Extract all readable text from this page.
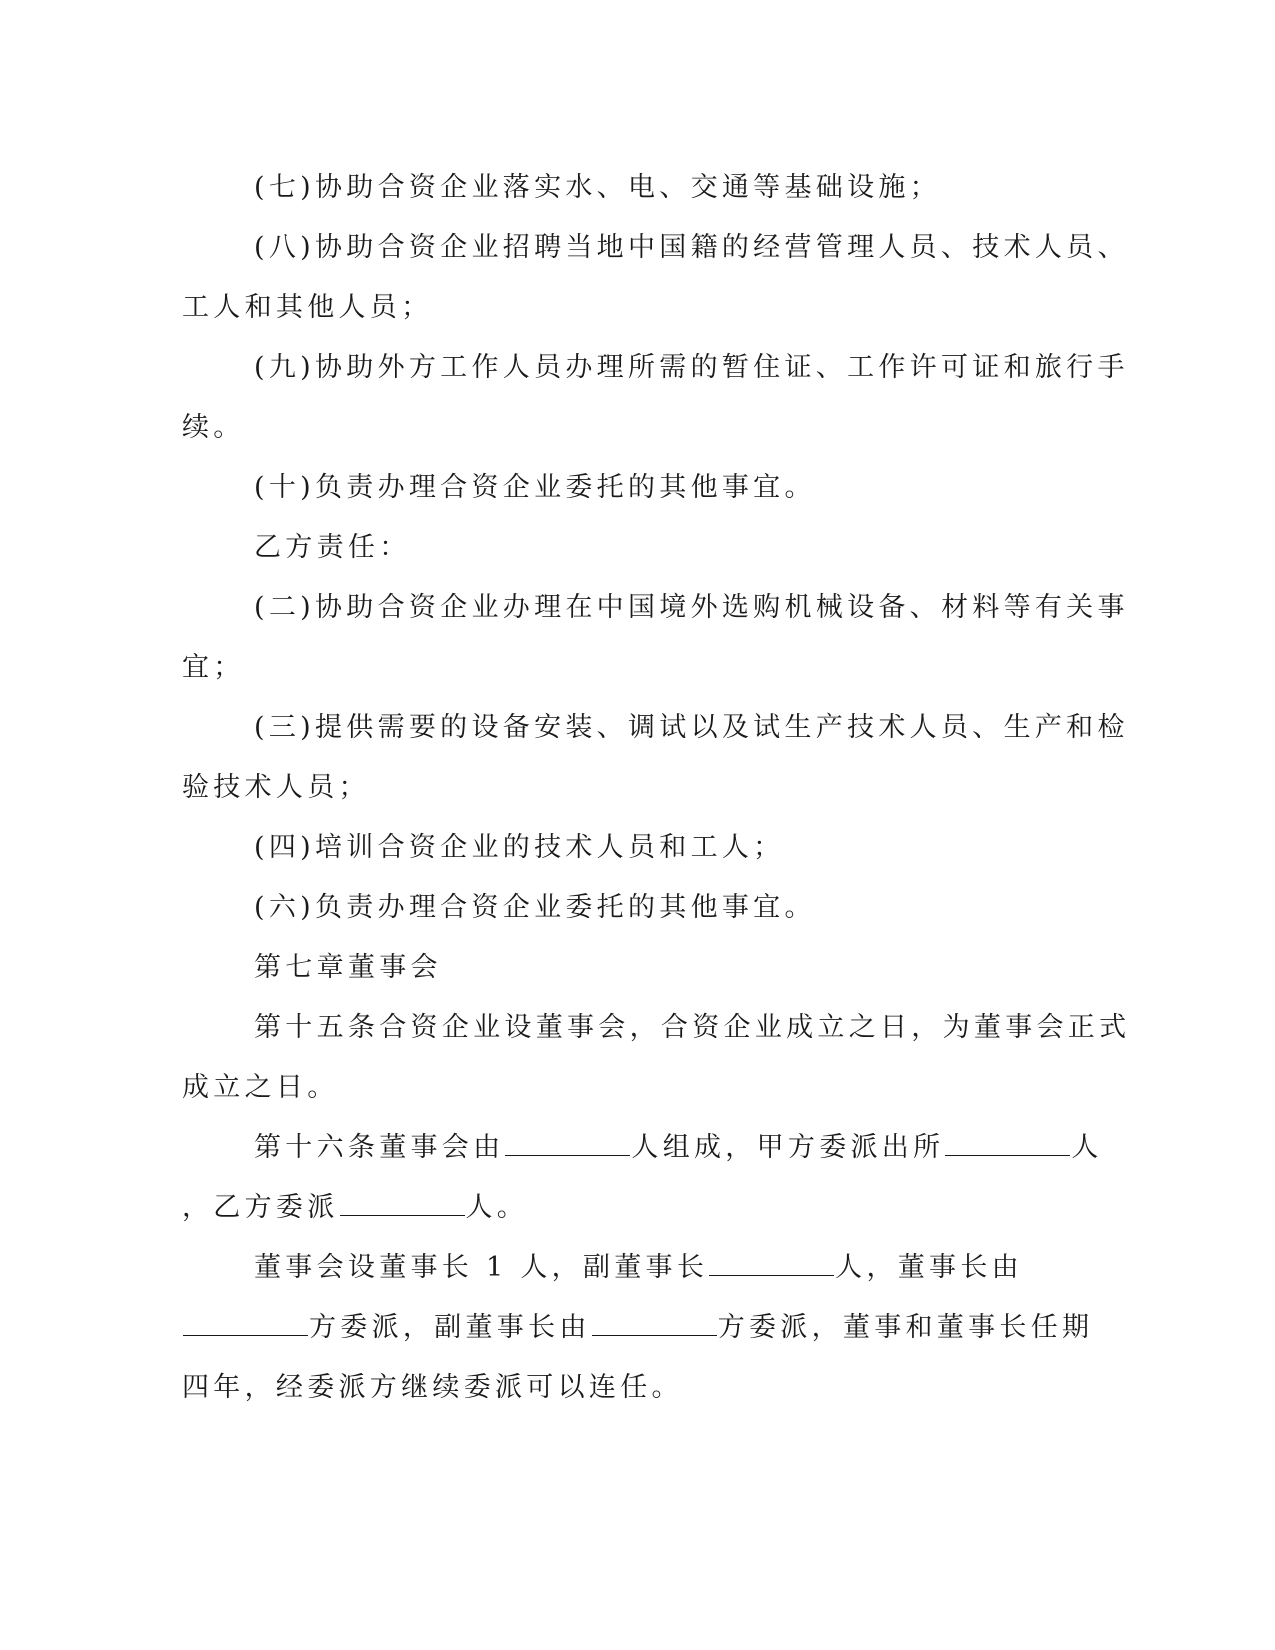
(七)协助合资企业落实水、电、交通等基础设施；

(八)协助合资企业招聘当地中国籍的经营管理人员、技术人员、
工人和其他人员；

(九)协助外方工作人员办理所需的暂住证、工作许可证和旅行手
续。

(十)负责办理合资企业委托的其他事宜。

乙方责任：

(二)协助合资企业办理在中国境外选购机械设备、材料等有关事
宜；

(三)提供需要的设备安装、调试以及试生产技术人员、生产和检
验技术人员；

(四)培训合资企业的技术人员和工人；

(六)负责办理合资企业委托的其他事宜。

第七章董事会

第十五条合资企业设董事会，合资企业成立之日，为董事会正式
成立之日。

第十六条董事会由	人组成，甲方委派出所	人
，乙方委派	人。

董事会设董事长 1 人，副董事长	人，董事长由
方委派，副董事长由	方委派，董事和董事长任期
四年，经委派方继续委派可以连任。
